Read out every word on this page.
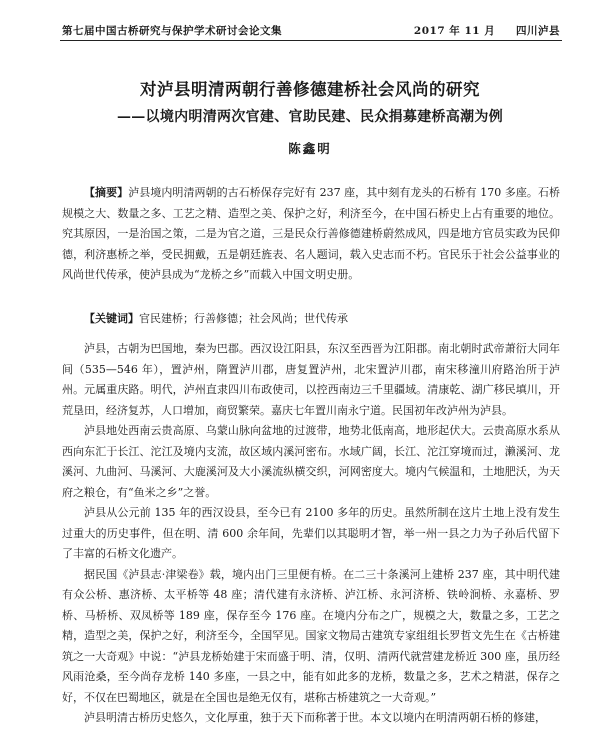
第七届中国古桥研究与保护学术研讨会论文集	2017 年 11 月 四川泸县
对泸县明清两朝行善修德建桥社会风尚的研究
——以境内明清两次官建、官助民建、民众捐募建桥高潮为例
陈鑫明

【摘要】泸县境内明清两朝的古石桥保存完好有 237 座，其中刻有龙头的石桥有 170 多座。石桥规模之大、数量之多、工艺之精、造型之美、保护之好，利济至今，在中国石桥史上占有重要的地位。究其原因，一是治国之策，二是为官之道，三是民众行善修德建桥蔚然成风，四是地方官员实政为民仰德，利济惠桥之举，受民拥戴，五是朝廷旌表、名人题词，载入史志而不朽。官民乐于社会公益事业的风尚世代传承，使泸县成为“龙桥之乡”而载入中国文明史册。

【关键词】官民建桥；行善修德；社会风尚；世代传承

泸县，古朝为巴国地，秦为巴郡。西汉设江阳县，东汉至西晋为江阳郡。南北朝时武帝萧衍大同年间（535—546 年），置泸州，隋置泸川郡，唐复置泸州，北宋置泸川郡，南宋移潼川府路治所于泸州。元属重庆路。明代，泸州直隶四川布政使司，以控西南边三千里疆域。清康乾、湖广移民填川，开荒垦田，经济复苏，人口增加，商贸繁荣。嘉庆七年置川南永宁道。民国初年改泸州为泸县。

泸县地处西南云贵高原、乌蒙山脉向盆地的过渡带，地势北低南高，地形起伏大。云贵高原水系从西向东汇于长江、沱江及境内支流，故区域内溪河密布。水域广阔，长江、沱江穿境而过，濑溪河、龙溪河、九曲河、马溪河、大鹿溪河及大小溪流纵横交织，河网密度大。境内气候温和，土地肥沃，为天府之粮仓，有“鱼米之乡”之誉。

泸县从公元前 135 年的西汉设县，至今已有 2100 多年的历史。虽然所制在这片土地上没有发生过重大的历史事件，但在明、清 600 余年间，先辈们以其聪明才智，举一州一县之力为子孙后代留下了丰富的石桥文化遗产。

据民国《泸县志·津梁卷》载，境内出门三里便有桥。在二三十条溪河上建桥 237 座，其中明代建有众公桥、惠济桥、太平桥等 48 座；清代建有永济桥、泸江桥、永河济桥、铁岭涧桥、永嘉桥、罗桥、马桥桥、双凤桥等 189 座，保存至今 176 座。在境内分布之广，规模之大，数量之多，工艺之精，造型之美，保护之好，利济至今，全国罕见。国家文物局古建筑专家组组长罗哲文先生在《古桥建筑之一大奇观》中说：“泸县龙桥始建于宋而盛于明、清，仅明、清两代就营建龙桥近 300 座，虽历经风雨沧桑，至今尚存龙桥 140 多座，一县之中，能有如此多的龙桥，数量之多，艺术之精湛，保存之好，不仅在巴蜀地区，就是在全国也是绝无仅有，堪称古桥建筑之一大奇观。”

泸县明清古桥历史悠久，文化厚重，独于天下而称著于世。本文以境内在明清两朝石桥的修建，
